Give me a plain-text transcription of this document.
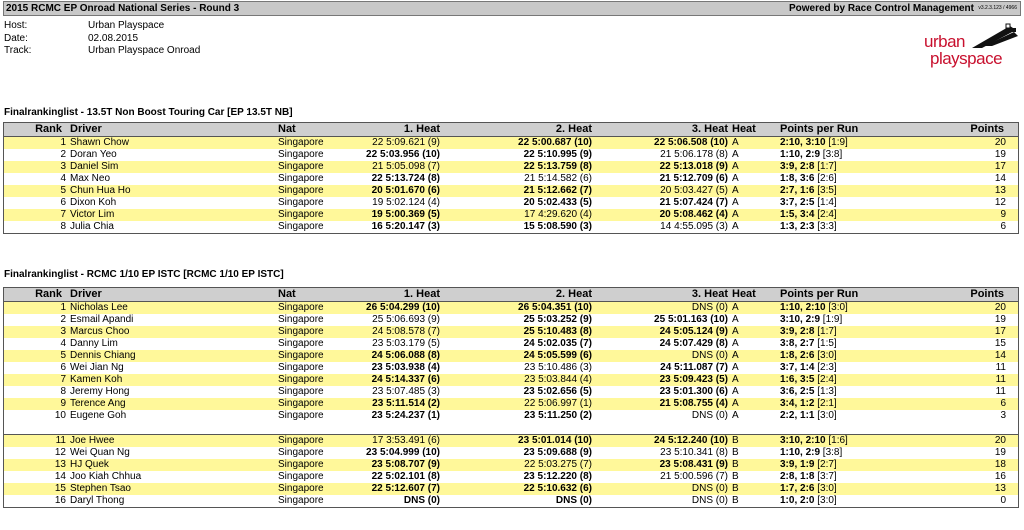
2015 RCMC EP Onroad National Series - Round 3	Powered by Race Control Management v3.2.3.123 / 4966
Host:	Urban Playspace
Date:	02.08.2015
Track:	Urban Playspace Onroad	urban
playspace
Finalrankinglist - 13.5T Non Boost Touring Car [EP 13.5T NB]
Rank Driver	Nat	1. Heat	2. Heat	3. Heat Heat Points per Run	Points
1 Shawn Chow	Singapore	22 5:09.621 (9)	22 5:00.687 (10)	22 5:06.508 (10) A	2:10, 3:10 [1:9]	20
2 Doran Yeo	Singapore	22 5:03.956 (10)	22 5:10.995 (9)	21 5:06.178 (8) A	1:10, 2:9 [3:8]	19
3 Daniel Sim	Singapore	21 5:05.098 (7)	22 5:13.759 (8)	22 5:13.018 (9) A	3:9, 2:8 [1:7]	17
4 Max Neo	Singapore	22 5:13.724 (8)	21 5:14.582 (6)	21 5:12.709 (6) A	1:8, 3:6 [2:6]	14
5 Chun Hua Ho	Singapore	20 5:01.670 (6)	21 5:12.662 (7)	20 5:03.427 (5) A	2:7, 1:6 [3:5]	13
6 Dixon Koh	Singapore	19 5:02.124 (4)	20 5:02.433 (5)	21 5:07.424 (7) A	3:7, 2:5 [1:4]	12
7 Victor Lim	Singapore	19 5:00.369 (5)	17 4:29.620 (4)	20 5:08.462 (4) A	1:5, 3:4 [2:4]	9
8 Julia Chia	Singapore	16 5:20.147 (3)	15 5:08.590 (3)	14 4:55.095 (3) A	1:3, 2:3 [3:3]	6
Finalrankinglist - RCMC 1/10 EP ISTC [RCMC 1/10 EP ISTC]
Rank Driver	Nat	1. Heat	2. Heat	3. Heat Heat Points per Run	Points
1 Nicholas Lee	Singapore	26 5:04.299 (10)	26 5:04.351 (10)	DNS (0) A	1:10, 2:10 [3:0]	20
2 Esmail Apandi	Singapore	25 5:06.693 (9)	25 5:03.252 (9)	25 5:01.163 (10) A	3:10, 2:9 [1:9]	19
3 Marcus Choo	Singapore	24 5:08.578 (7)	25 5:10.483 (8)	24 5:05.124 (9) A	3:9, 2:8 [1:7]	17
4 Danny Lim	Singapore	23 5:03.179 (5)	24 5:02.035 (7)	24 5:07.429 (8) A	3:8, 2:7 [1:5]	15
5 Dennis Chiang	Singapore	24 5:06.088 (8)	24 5:05.599 (6)	DNS (0) A	1:8, 2:6 [3:0]	14
6 Wei Jian Ng	Singapore	23 5:03.938 (4)	23 5:10.486 (3)	24 5:11.087 (7) A	3:7, 1:4 [2:3]	11
7 Kamen Koh	Singapore	24 5:14.337 (6)	23 5:03.844 (4)	23 5:09.423 (5) A	1:6, 3:5 [2:4]	11
8 Jeremy Hong	Singapore	23 5:07.485 (3)	23 5:02.656 (5)	23 5:01.300 (6) A	3:6, 2:5 [1:3]	11
9 Terence Ang	Singapore	23 5:11.514 (2)	22 5:06.997 (1)	21 5:08.755 (4) A	3:4, 1:2 [2:1]	6
10 Eugene Goh	Singapore	23 5:24.237 (1)	23 5:11.250 (2)	DNS (0) A	2:2, 1:1 [3:0]	3
11 Joe Hwee	Singapore	17 3:53.491 (6)	23 5:01.014 (10)	24 5:12.240 (10) B	3:10, 2:10 [1:6]	20
12 Wei Quan Ng	Singapore	23 5:04.999 (10)	23 5:09.688 (9)	23 5:10.341 (8) B	1:10, 2:9 [3:8]	19
13 HJ Quek	Singapore	23 5:08.707 (9)	22 5:03.275 (7)	23 5:08.431 (9) B	3:9, 1:9 [2:7]	18
14 Joo Kiah Chhua	Singapore	22 5:02.101 (8)	23 5:12.220 (8)	21 5:00.596 (7) B	2:8, 1:8 [3:7]	16
15 Stephen Tsao	Singapore	22 5:12.607 (7)	22 5:10.632 (6)	DNS (0) B	1:7, 2:6 [3:0]	13
16 Daryl Thong	Singapore	DNS (0)	DNS (0)	DNS (0) B	1:0, 2:0 [3:0]	0
